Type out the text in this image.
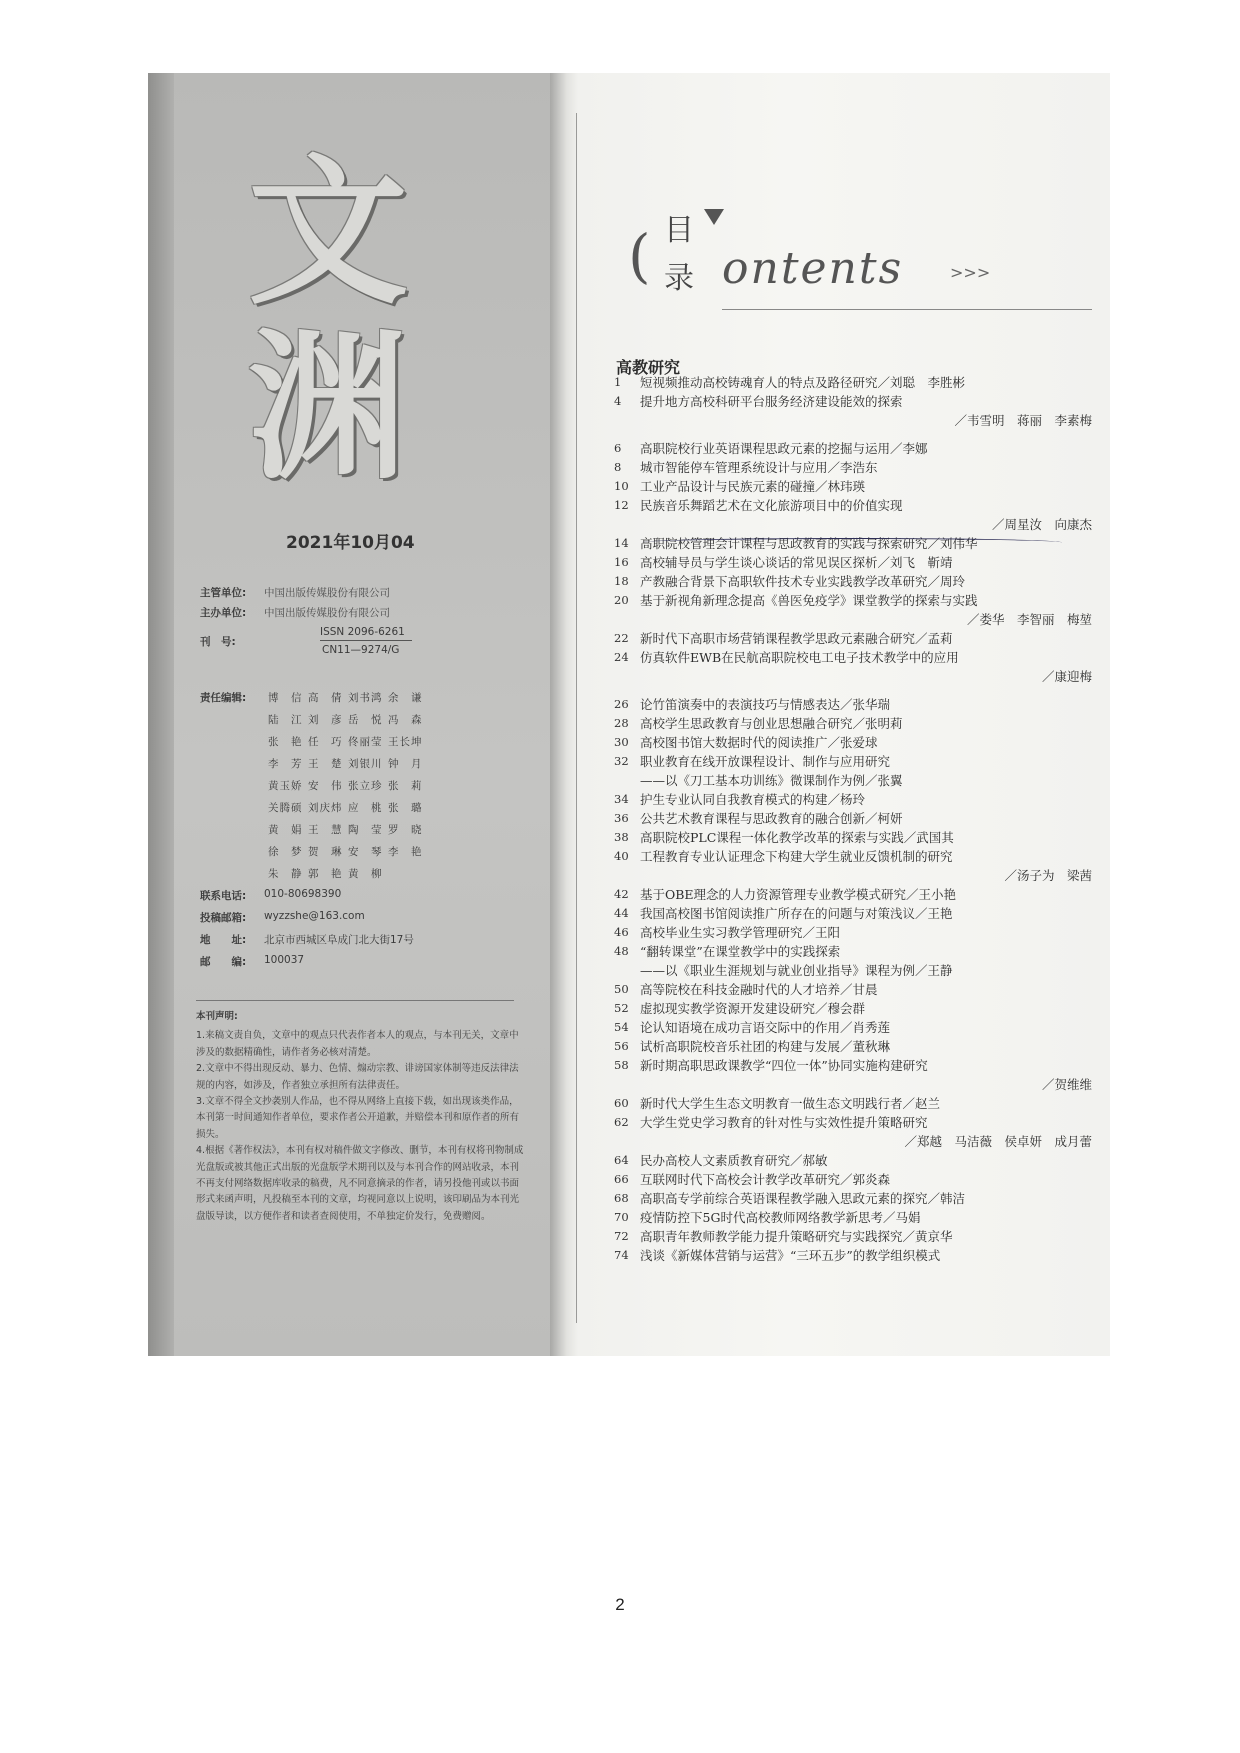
文
渊
2021年10月04
主管单位:	中国出版传媒股份有限公司
主办单位:	中国出版传媒股份有限公司
刊　号:
ISSN 2096-6261
CN11—9274/G
责任编辑: 博　信 高　倩 刘书鸿 余　谦
陆　江 刘　彦 岳　悦 冯　森
张　艳 任　巧 佟丽莹 王长坤
李　芳 王　楚 刘银川 钟　月
黄玉娇 安　伟 张立珍 张　莉
关腾硕 刘庆炜 应　桃 张　璐
黄　娟 王　慧 陶　莹 罗　晓
徐　梦 贺　琳 安　琴 李　艳
朱　静 郭　艳 黄　柳
联系电话:	010-80698390
投稿邮箱:	wyzzshe@163.com
地　　址:	北京市西城区阜成门北大街17号
邮　　编:	100037
本刊声明:

1.来稿文责自负，文章中的观点只代表作者本人的观点，与本刊无关，文章中涉及的数据精确性，请作者务必核对清楚。

2.文章中不得出现反动、暴力、色情、煽动宗教、诽谤国家体制等违反法律法规的内容，如涉及，作者独立承担所有法律责任。

3.文章不得全文抄袭别人作品，也不得从网络上直接下载，如出现该类作品，本刊第一时间通知作者单位，要求作者公开道歉，并赔偿本刊和原作者的所有损失。

4.根据《著作权法》，本刊有权对稿件做文字修改、删节，本刊有权将刊物制成光盘版或被其他正式出版的光盘版学术期刊以及与本刊合作的网站收录，本刊不再支付网络数据库收录的稿费，凡不同意摘录的作者，请另投他刊或以书面形式来函声明，凡投稿至本刊的文章，均视同意以上说明，该印刷品为本刊光盘版导读，以方便作者和读者查阅使用，不单独定价发行，免费赠阅。

( 目
录 ontents	>>>
高教研究
1	短视频推动高校铸魂育人的特点及路径研究／刘聪　李胜彬
4	提升地方高校科研平台服务经济建设能效的探索
／韦雪明　蒋丽　李素梅
6	高职院校行业英语课程思政元素的挖掘与运用／李娜
8	城市智能停车管理系统设计与应用／李浩东
10 工业产品设计与民族元素的碰撞／林玮瑛
12 民族音乐舞蹈艺术在文化旅游项目中的价值实现
／周星汝　向康杰
14 高职院校管理会计课程与思政教育的实践与探索研究／刘伟华
16 高校辅导员与学生谈心谈话的常见误区探析／刘飞　靳靖
18 产教融合背景下高职软件技术专业实践教学改革研究／周玲
20 基于新视角新理念提高《兽医免疫学》课堂教学的探索与实践
／娄华　李智丽　梅堃
22 新时代下高职市场营销课程教学思政元素融合研究／孟莉
24 仿真软件EWB在民航高职院校电工电子技术教学中的应用
／康迎梅
26 论竹笛演奏中的表演技巧与情感表达／张华瑞
28 高校学生思政教育与创业思想融合研究／张明莉
30 高校图书馆大数据时代的阅读推广／张爱球
32 职业教育在线开放课程设计、制作与应用研究
——以《刀工基本功训练》微课制作为例／张翼
34 护生专业认同自我教育模式的构建／杨玲
36 公共艺术教育课程与思政教育的融合创新／柯妍
38 高职院校PLC课程一体化教学改革的探索与实践／武国其
40 工程教育专业认证理念下构建大学生就业反馈机制的研究
／汤子为　梁茜
42 基于OBE理念的人力资源管理专业教学模式研究／王小艳
44 我国高校图书馆阅读推广所存在的问题与对策浅议／王艳
46 高校毕业生实习教学管理研究／王阳
48 “翻转课堂”在课堂教学中的实践探索
——以《职业生涯规划与就业创业指导》课程为例／王静
50 高等院校在科技金融时代的人才培养／甘晨
52 虚拟现实教学资源开发建设研究／穆会群
54 论认知语境在成功言语交际中的作用／肖秀莲
56 试析高职院校音乐社团的构建与发展／董秋琳
58 新时期高职思政课教学“四位一体”协同实施构建研究
／贺维维
60 新时代大学生生态文明教育一做生态文明践行者／赵兰
62 大学生党史学习教育的针对性与实效性提升策略研究
／郑越　马洁薇　侯卓妍　成月蕾
64 民办高校人文素质教育研究／郝敏
66 互联网时代下高校会计教学改革研究／郭炎森
68 高职高专学前综合英语课程教学融入思政元素的探究／韩洁
70 疫情防控下5G时代高校教师网络教学新思考／马娟
72 高职青年教师教学能力提升策略研究与实践探究／黄京华
74 浅谈《新媒体营销与运营》“三环五步”的教学组织模式
2
